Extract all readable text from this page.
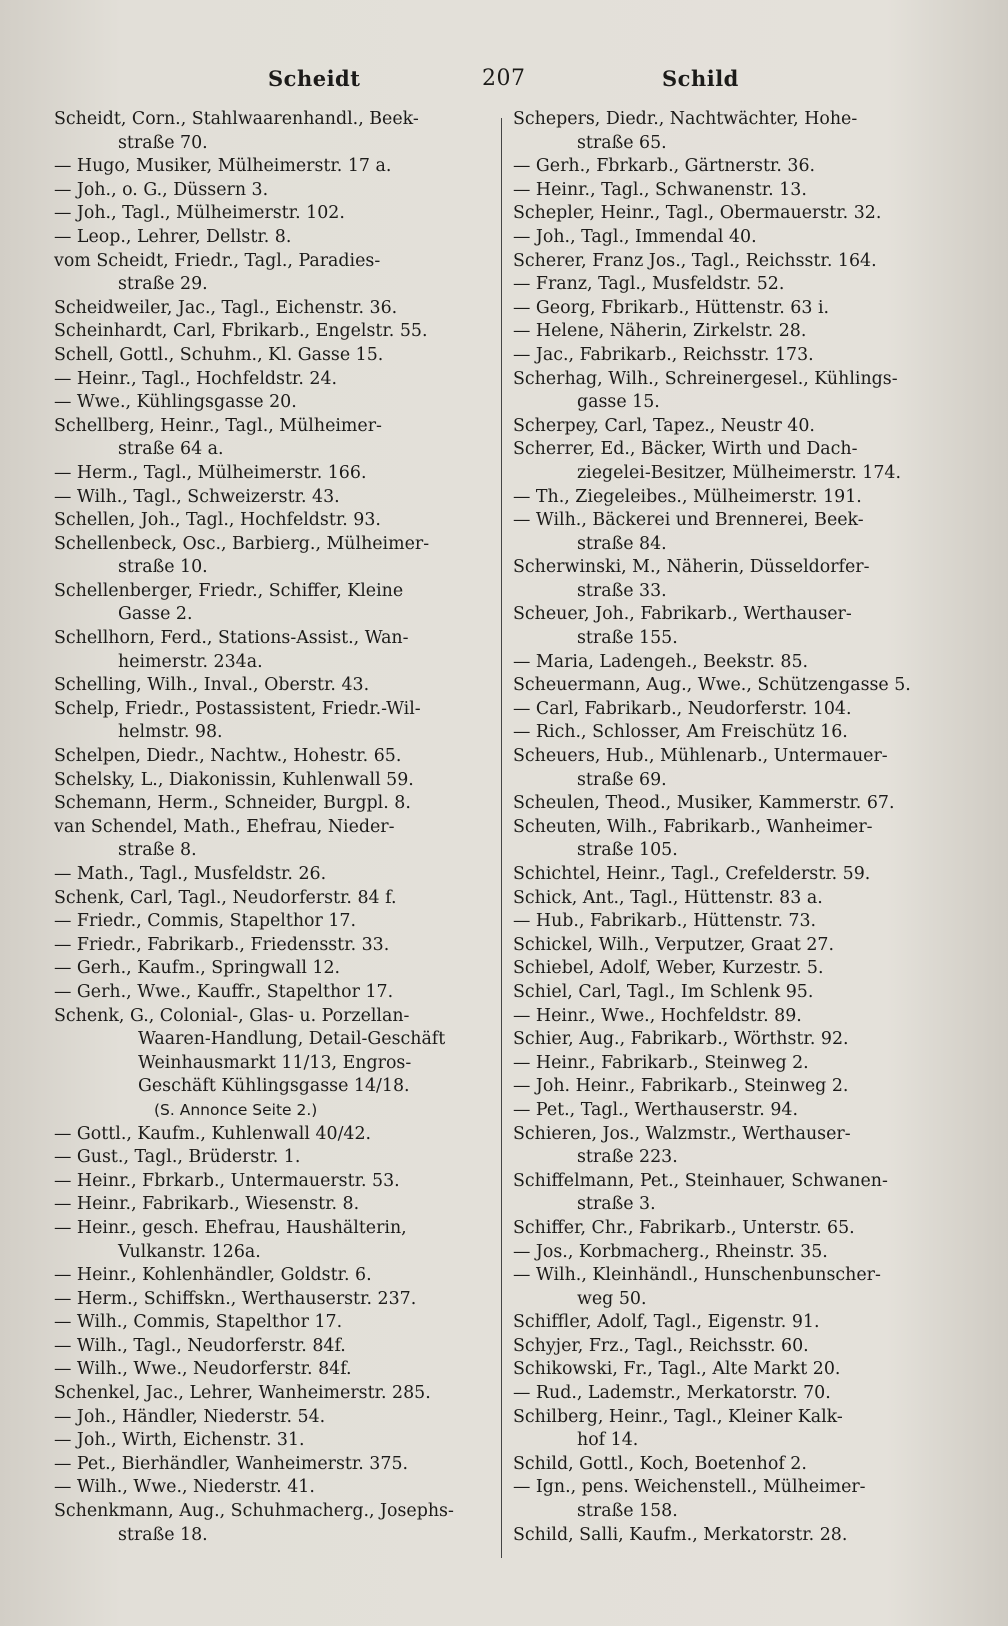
Scheidt	207	Schild
Scheidt, Corn., Stahlwaarenhandl., Beek-
straße 70.
— Hugo, Musiker, Mülheimerstr. 17 a.
— Joh., o. G., Düssern 3.
— Joh., Tagl., Mülheimerstr. 102.
— Leop., Lehrer, Dellstr. 8.
vom Scheidt, Friedr., Tagl., Paradies-
straße 29.
Scheidweiler, Jac., Tagl., Eichenstr. 36.
Scheinhardt, Carl, Fbrikarb., Engelstr. 55.
Schell, Gottl., Schuhm., Kl. Gasse 15.
— Heinr., Tagl., Hochfeldstr. 24.
— Wwe., Kühlingsgasse 20.
Schellberg, Heinr., Tagl., Mülheimer-
straße 64 a.
— Herm., Tagl., Mülheimerstr. 166.
— Wilh., Tagl., Schweizerstr. 43.
Schellen, Joh., Tagl., Hochfeldstr. 93.
Schellenbeck, Osc., Barbierg., Mülheimer-
straße 10.
Schellenberger, Friedr., Schiffer, Kleine
Gasse 2.
Schellhorn, Ferd., Stations-Assist., Wan-
heimerstr. 234a.
Schelling, Wilh., Inval., Oberstr. 43.
Schelp, Friedr., Postassistent, Friedr.-Wil-
helmstr. 98.
Schelpen, Diedr., Nachtw., Hohestr. 65.
Schelsky, L., Diakonissin, Kuhlenwall 59.
Schemann, Herm., Schneider, Burgpl. 8.
van Schendel, Math., Ehefrau, Nieder-
straße 8.
— Math., Tagl., Musfeldstr. 26.
Schenk, Carl, Tagl., Neudorferstr. 84 f.
— Friedr., Commis, Stapelthor 17.
— Friedr., Fabrikarb., Friedensstr. 33.
— Gerh., Kaufm., Springwall 12.
— Gerh., Wwe., Kauffr., Stapelthor 17.
Schenk, G., Colonial-, Glas- u. Porzellan-
Waaren-Handlung, Detail-Geschäft
Weinhausmarkt 11/13, Engros-
Geschäft Kühlingsgasse 14/18.
(S. Annonce Seite 2.)
— Gottl., Kaufm., Kuhlenwall 40/42.
— Gust., Tagl., Brüderstr. 1.
— Heinr., Fbrkarb., Untermauerstr. 53.
— Heinr., Fabrikarb., Wiesenstr. 8.
— Heinr., gesch. Ehefrau, Haushälterin,
Vulkanstr. 126a.
— Heinr., Kohlenhändler, Goldstr. 6.
— Herm., Schiffskn., Werthauserstr. 237.
— Wilh., Commis, Stapelthor 17.
— Wilh., Tagl., Neudorferstr. 84f.
— Wilh., Wwe., Neudorferstr. 84f.
Schenkel, Jac., Lehrer, Wanheimerstr. 285.
— Joh., Händler, Niederstr. 54.
— Joh., Wirth, Eichenstr. 31.
— Pet., Bierhändler, Wanheimerstr. 375.
— Wilh., Wwe., Niederstr. 41.
Schenkmann, Aug., Schuhmacherg., Josephs-
straße 18.
Schepers, Diedr., Nachtwächter, Hohe-
straße 65.
— Gerh., Fbrkarb., Gärtnerstr. 36.
— Heinr., Tagl., Schwanenstr. 13.
Schepler, Heinr., Tagl., Obermauerstr. 32.
— Joh., Tagl., Immendal 40.
Scherer, Franz Jos., Tagl., Reichsstr. 164.
— Franz, Tagl., Musfeldstr. 52.
— Georg, Fbrikarb., Hüttenstr. 63 i.
— Helene, Näherin, Zirkelstr. 28.
— Jac., Fabrikarb., Reichsstr. 173.
Scherhag, Wilh., Schreinergesel., Kühlings-
gasse 15.
Scherpey, Carl, Tapez., Neustr 40.
Scherrer, Ed., Bäcker, Wirth und Dach-
ziegelei-Besitzer, Mülheimerstr. 174.
— Th., Ziegeleibes., Mülheimerstr. 191.
— Wilh., Bäckerei und Brennerei, Beek-
straße 84.
Scherwinski, M., Näherin, Düsseldorfer-
straße 33.
Scheuer, Joh., Fabrikarb., Werthauser-
straße 155.
— Maria, Ladengeh., Beekstr. 85.
Scheuermann, Aug., Wwe., Schützengasse 5.
— Carl, Fabrikarb., Neudorferstr. 104.
— Rich., Schlosser, Am Freischütz 16.
Scheuers, Hub., Mühlenarb., Untermauer-
straße 69.
Scheulen, Theod., Musiker, Kammerstr. 67.
Scheuten, Wilh., Fabrikarb., Wanheimer-
straße 105.
Schichtel, Heinr., Tagl., Crefelderstr. 59.
Schick, Ant., Tagl., Hüttenstr. 83 a.
— Hub., Fabrikarb., Hüttenstr. 73.
Schickel, Wilh., Verputzer, Graat 27.
Schiebel, Adolf, Weber, Kurzestr. 5.
Schiel, Carl, Tagl., Im Schlenk 95.
— Heinr., Wwe., Hochfeldstr. 89.
Schier, Aug., Fabrikarb., Wörthstr. 92.
— Heinr., Fabrikarb., Steinweg 2.
— Joh. Heinr., Fabrikarb., Steinweg 2.
— Pet., Tagl., Werthauserstr. 94.
Schieren, Jos., Walzmstr., Werthauser-
straße 223.
Schiffelmann, Pet., Steinhauer, Schwanen-
straße 3.
Schiffer, Chr., Fabrikarb., Unterstr. 65.
— Jos., Korbmacherg., Rheinstr. 35.
— Wilh., Kleinhändl., Hunschenbunscher-
weg 50.
Schiffler, Adolf, Tagl., Eigenstr. 91.
Schyjer, Frz., Tagl., Reichsstr. 60.
Schikowski, Fr., Tagl., Alte Markt 20.
— Rud., Lademstr., Merkatorstr. 70.
Schilberg, Heinr., Tagl., Kleiner Kalk-
hof 14.
Schild, Gottl., Koch, Boetenhof 2.
— Ign., pens. Weichenstell., Mülheimer-
straße 158.
Schild, Salli, Kaufm., Merkatorstr. 28.
